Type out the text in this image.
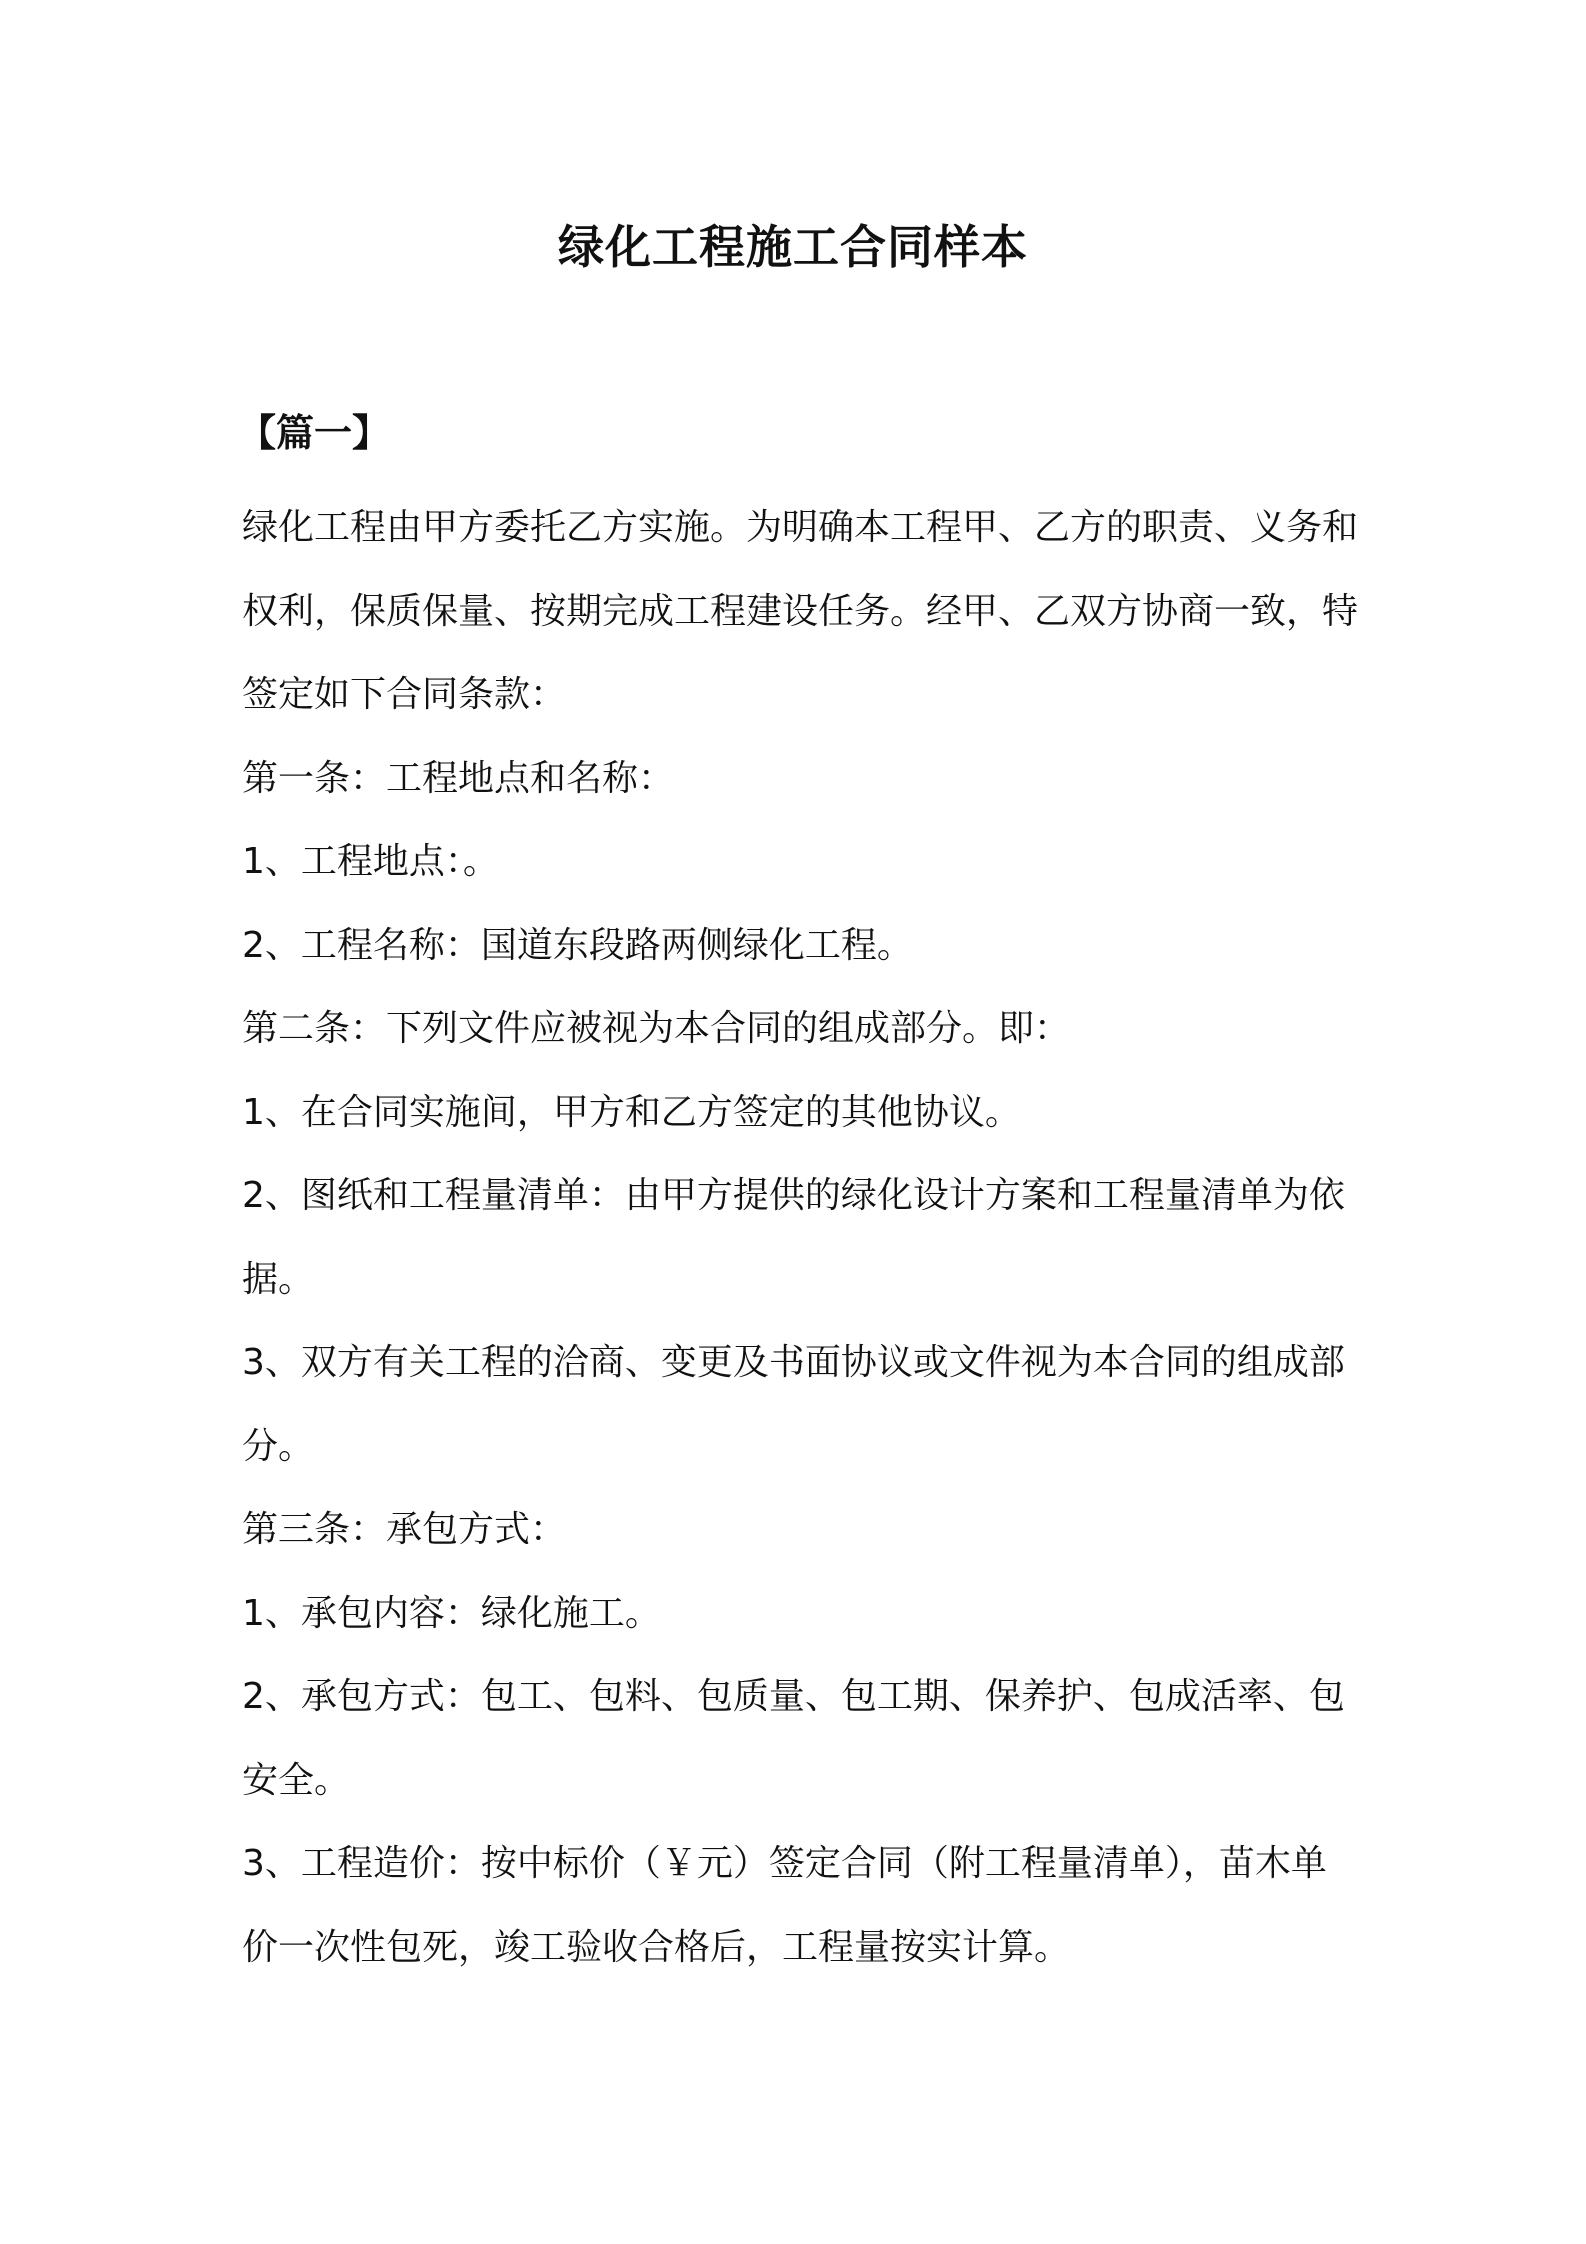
绿化工程施工合同样本
【篇一】

绿化工程由甲方委托乙方实施。为明确本工程甲、乙方的职责、义务和权利，保质保量、按期完成工程建设任务。经甲、乙双方协商一致，特签定如下合同条款：

第一条：工程地点和名称：

1、工程地点：。

2、工程名称：国道东段路两侧绿化工程。

第二条：下列文件应被视为本合同的组成部分。即：

1、在合同实施间，甲方和乙方签定的其他协议。

2、图纸和工程量清单：由甲方提供的绿化设计方案和工程量清单为依据。

3、双方有关工程的洽商、变更及书面协议或文件视为本合同的组成部分。

第三条：承包方式：

1、承包内容：绿化施工。

2、承包方式：包工、包料、包质量、包工期、保养护、包成活率、包安全。

3、工程造价：按中标价（￥元）签定合同（附工程量清单），苗木单价一次性包死，竣工验收合格后，工程量按实计算。
